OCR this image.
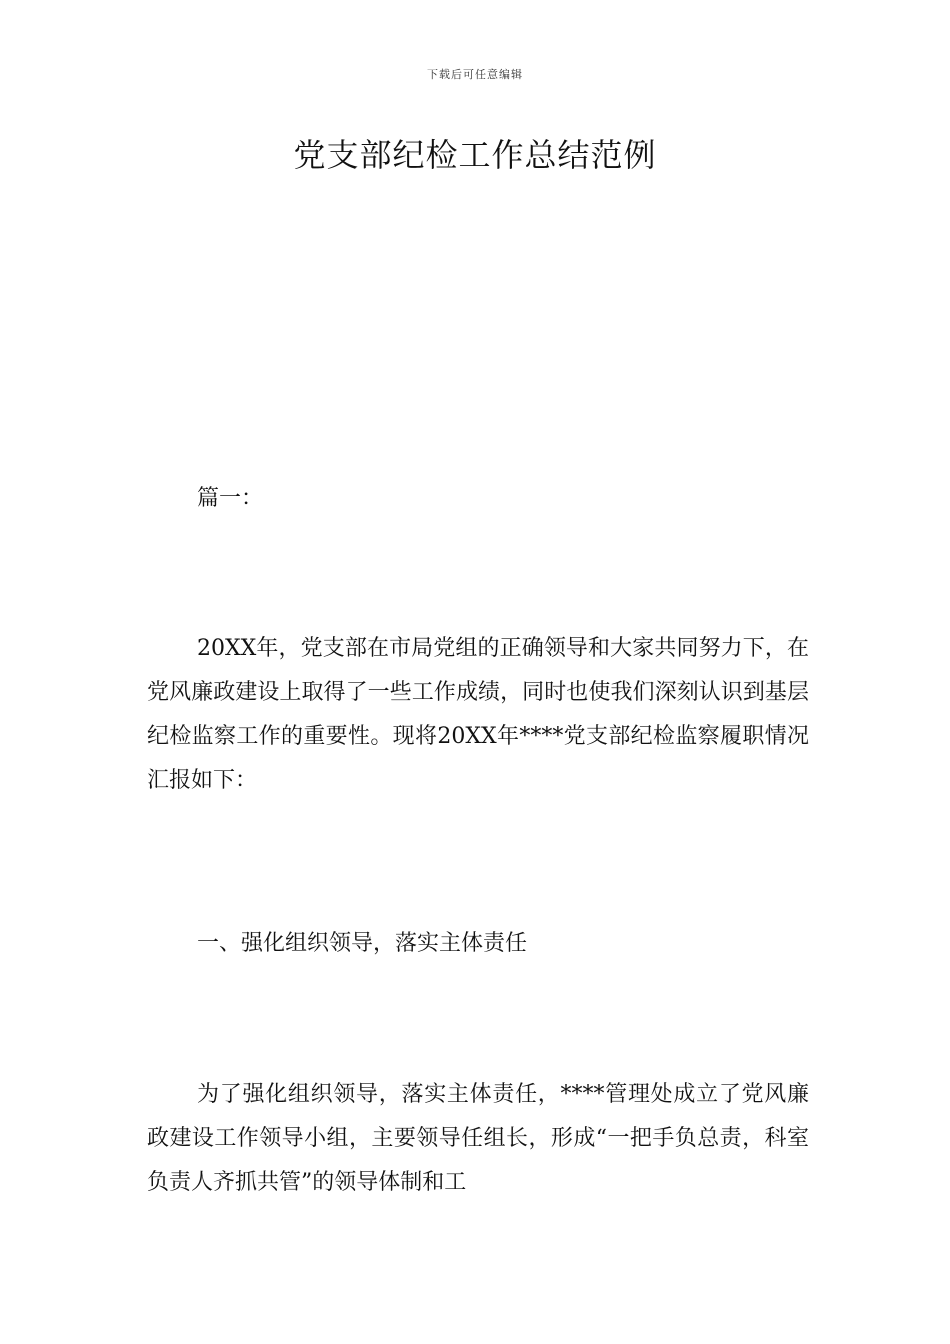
下载后可任意编辑
党支部纪检工作总结范例
篇一：
20XX年，党支部在市局党组的正确领导和大家共同努力下，在党风廉政建设上取得了一些工作成绩，同时也使我们深刻认识到基层纪检监察工作的重要性。现将20XX年****党支部纪检监察履职情况汇报如下：
一、强化组织领导，落实主体责任
为了强化组织领导，落实主体责任，****管理处成立了党风廉政建设工作领导小组，主要领导任组长，形成“一把手负总责，科室负责人齐抓共管”的领导体制和工
